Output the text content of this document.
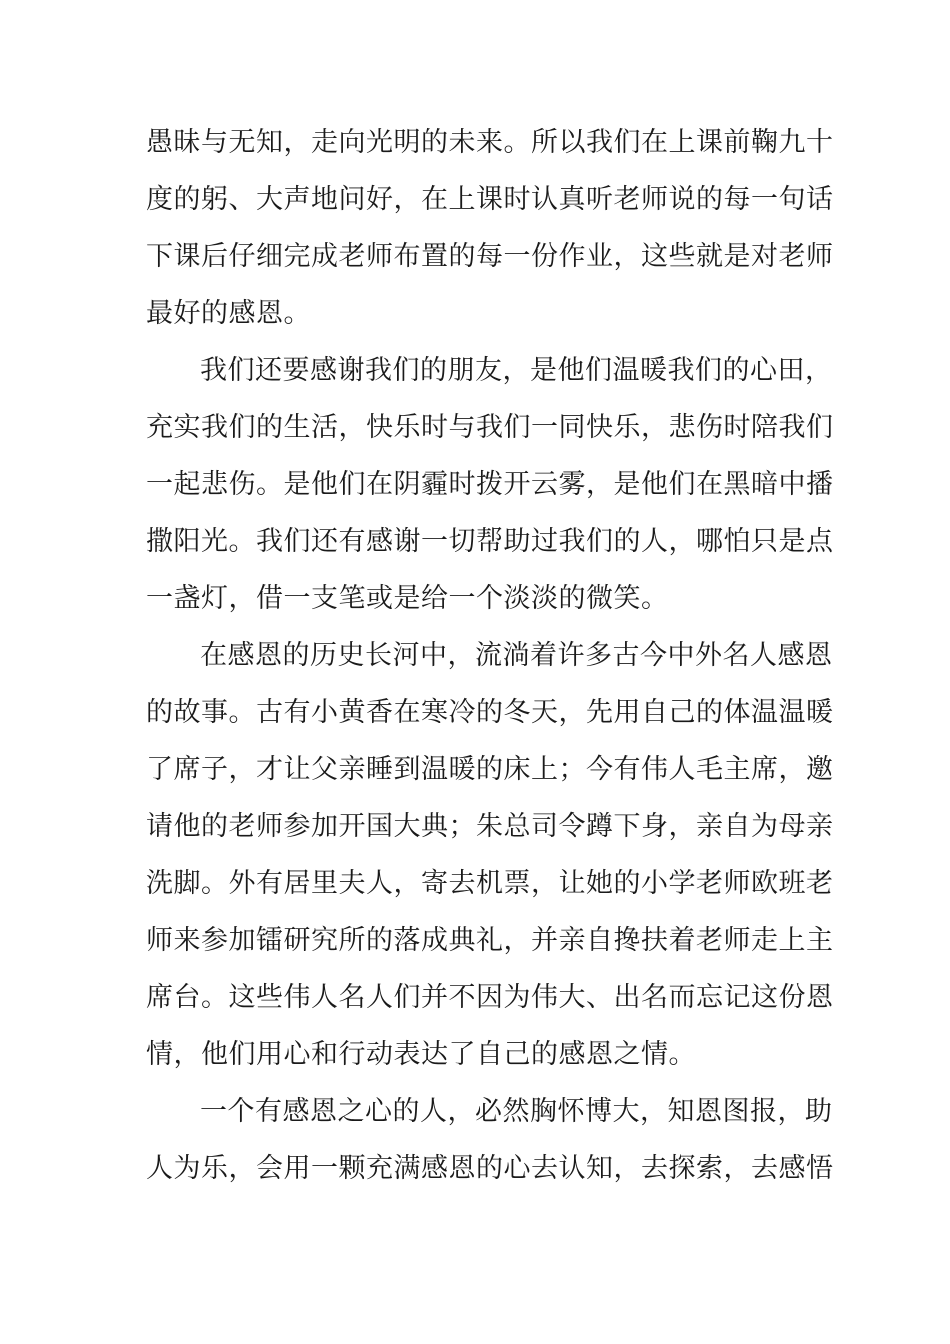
愚昧与无知，走向光明的未来。所以我们在上课前鞠九十
度的躬、大声地问好，在上课时认真听老师说的每一句话
下课后仔细完成老师布置的每一份作业，这些就是对老师
最好的感恩。
我们还要感谢我们的朋友，是他们温暖我们的心田，
充实我们的生活，快乐时与我们一同快乐，悲伤时陪我们
一起悲伤。是他们在阴霾时拨开云雾，是他们在黑暗中播
撒阳光。我们还有感谢一切帮助过我们的人，哪怕只是点
一盏灯，借一支笔或是给一个淡淡的微笑。
在感恩的历史长河中，流淌着许多古今中外名人感恩
的故事。古有小黄香在寒冷的冬天，先用自己的体温温暖
了席子，才让父亲睡到温暖的床上；今有伟人毛主席，邀
请他的老师参加开国大典；朱总司令蹲下身，亲自为母亲
洗脚。外有居里夫人，寄去机票，让她的小学老师欧班老
师来参加镭研究所的落成典礼，并亲自搀扶着老师走上主
席台。这些伟人名人们并不因为伟大、出名而忘记这份恩
情，他们用心和行动表达了自己的感恩之情。
一个有感恩之心的人，必然胸怀博大，知恩图报，助
人为乐，会用一颗充满感恩的心去认知，去探索，去感悟
